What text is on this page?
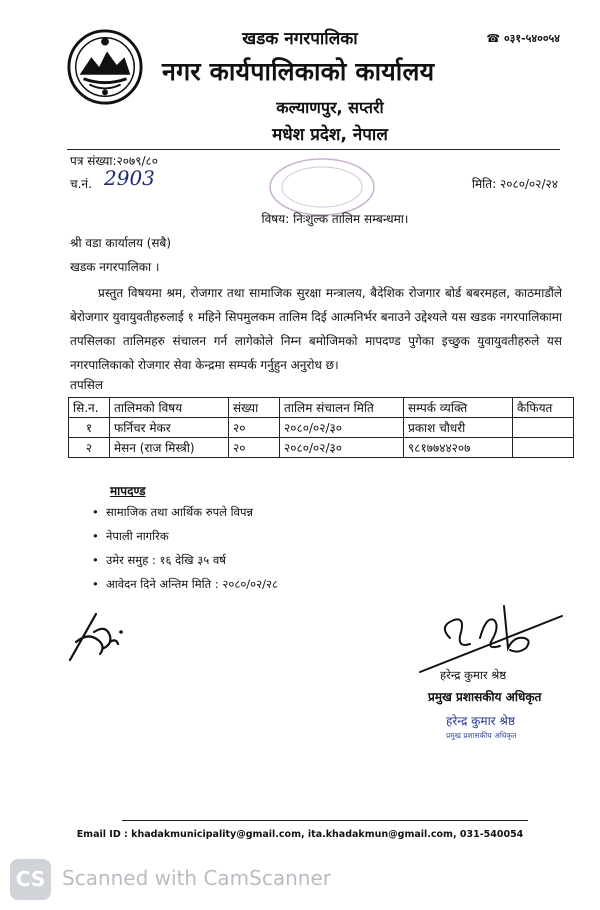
खडक नगरपालिका	☎ ०३१-५४००५४
नगर कार्यपालिकाको कार्यालय
कल्याणपुर, सप्तरी
मधेश प्रदेश, नेपाल
पत्र संख्या:२०७९/८०
च.नं. 2903	मिति: २०८०/०२/२४
विषय: निःशुल्क तालिम सम्बन्धमा।
श्री वडा कार्यालय (सबै)
खडक नगरपालिका ।
प्रस्तुत विषयमा श्रम, रोजगार तथा सामाजिक सुरक्षा मन्त्रालय, बैदेशिक रोजगार बोर्ड बबरमहल, काठमाडौंले बेरोजगार युवायुवतीहरुलाई १ महिने सिपमुलकम तालिम दिई आत्मनिर्भर बनाउने उद्देश्यले यस खडक नगरपालिकामा तपसिलका तालिमहरु संचालन गर्न लागेकोले निम्न बमोजिमको मापदण्ड पुगेका इच्छुक युवायुवतीहरुले यस नगरपालिकाको रोजगार सेवा केन्द्रमा सम्पर्क गर्नुहुन अनुरोध छ।
तपसिल
सि.न.	तालिमको विषय	संख्या	तालिम संचालन मिति	सम्पर्क व्यक्ति	कैफियत
१	फर्निचर मेकर	२०	२०८०/०२/३०	प्रकाश चौधरी	
२	मेसन (राज मिस्त्री)	२०	२०८०/०२/३०	९८१७७४४२०७	
मापदण्ड
• सामाजिक तथा आर्थिक रुपले विपन्न
• नेपाली नागरिक
• उमेर समुह : १६ देखि ३५ वर्ष
• आवेदन दिने अन्तिम मिति : २०८०/०२/२८
हरेन्द्र कुमार श्रेष्ठ
प्रमुख प्रशासकीय अधिकृत
हरेन्द्र कुमार श्रेष्ठ
प्रमुख प्रशासकीय अधिकृत
Email ID : khadakmunicipality@gmail.com, ita.khadakmun@gmail.com, 031-540054
CS Scanned with CamScanner
